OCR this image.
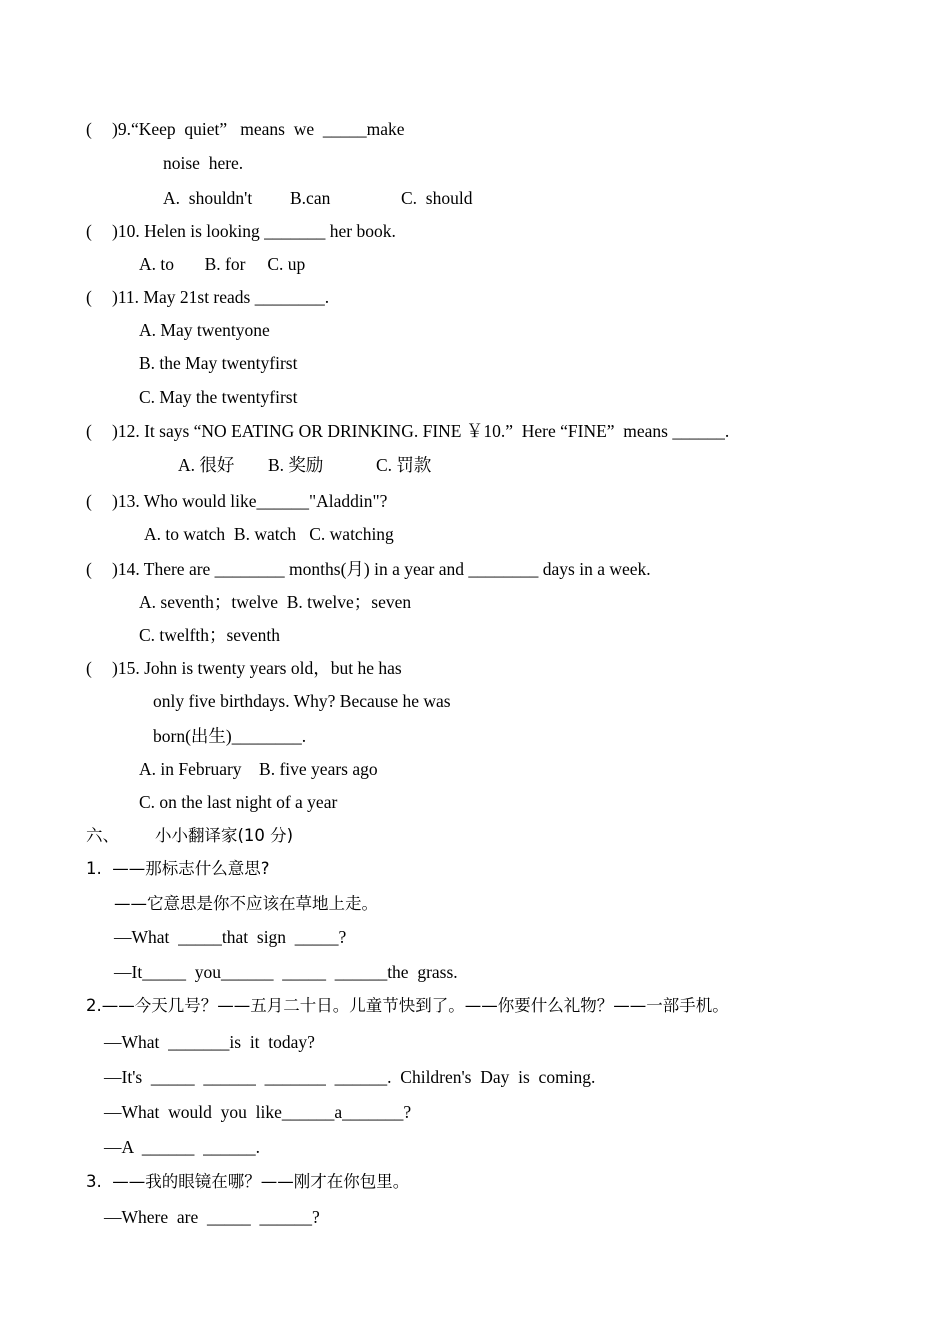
( )9.“Keep  quiet”   means  we  _____make
noise  here.
A.  shouldn't B.can	C.  should
( )10. Helen is looking _______ her book.
A. to       B. for     C. up
( )11. May 21st reads ________.
A. May twentyone
B. the May twentyfirst
C. May the twentyfirst
( )12. It says “NO EATING OR DRINKING. FINE ￥10.”  Here “FINE”  means ______.
A. 很好 B. 奖励	C. 罚款
( )13. Who would like______"Aladdin"?
A. to watch  B. watch   C. watching
( )14. There are ________ months(月) in a year and ________ days in a week.
A. seventh；twelve  B. twelve；seven
C. twelfth；seventh
( )15. John is twenty years old，but he has
only five birthdays. Why? Because he was
born(出生)________.
A. in February    B. five years ago
C. on the last night of a year
六、 小小翻译家(10 分)
1.  ——那标志什么意思?
——它意思是你不应该在草地上走。
—What  _____that  sign  _____?
—It_____  you______  _____  ______the  grass.
2.——今天几号？——五月二十日。儿童节快到了。——你要什么礼物？——一部手机。
—What  _______is  it  today?
—It's  _____  ______  _______  ______.  Children's  Day  is  coming.
—What  would  you  like______a_______?
—A  ______  ______.
3.  ——我的眼镜在哪？——刚才在你包里。
—Where  are  _____  ______?
